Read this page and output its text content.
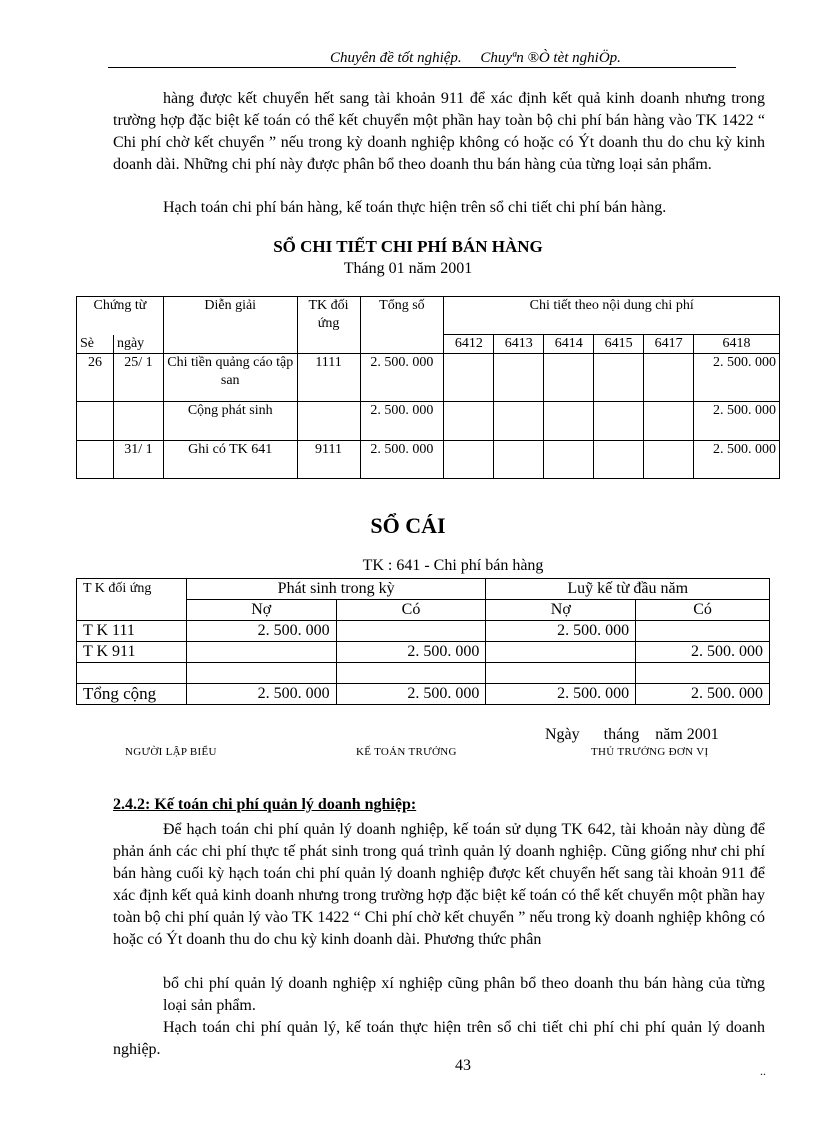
Chuyên đề tốt nghiệp.     Chuyªn ®Ò tèt nghiÖp.
hàng được kết chuyển hết sang tài khoản 911 để xác định kết quả kinh doanh nhưng trong trường hợp đặc biệt kế toán có thể kết chuyển một phần hay toàn bộ chi phí bán hàng vào TK 1422 “ Chi phí chờ kết chuyển ” nếu trong kỳ doanh nghiệp không có hoặc có Ýt doanh thu do chu kỳ kinh doanh dài. Những chi phí này được phân bổ theo doanh thu bán hàng của từng loại sản phẩm.
Hạch toán chi phí bán hàng, kế toán thực hiện trên sổ chi tiết chi phí bán hàng.
SỔ CHI TIẾT CHI PHÍ BÁN HÀNG
Tháng 01 năm 2001
Chứng từ		Diễn giải	TK đối ứng	Tổng số	Chi tiết theo nội dung chi phí					
Sè	ngày				6412	6413	6414	6415	6417	6418
26	25/ 1	Chi tiền quảng cáo tập san	1111	2. 500. 000						2. 500. 000
		Cộng phát sinh		2. 500. 000						2. 500. 000
	31/ 1	Ghi có TK 641	9111	2. 500. 000						2. 500. 000
SỔ CÁI
TK : 641 - Chi phí bán hàng
T K đối ứng	Phát sinh trong kỳ		Luỹ kế từ đầu năm	
	Nợ	Có	Nợ	Có
T K 111	2. 500. 000		2. 500. 000	
T K 911		2. 500. 000		2. 500. 000

Tổng cộng	2. 500. 000	2. 500. 000	2. 500. 000	2. 500. 000
Ngày      tháng    năm 2001
NGƯỜI LẬP BIỂU	KẾ TOÁN TRƯỞNG	THỦ TRƯỞNG ĐƠN VỊ
2.4.2: Kế toán chi phí quản lý doanh nghiệp:
Để hạch toán chi phí quản lý doanh nghiệp, kế toán sử dụng TK 642, tài khoản này dùng để phản ánh các chi phí thực tế phát sinh trong quá trình quản lý doanh nghiệp. Cũng giống như chi phí bán hàng cuối kỳ hạch toán chi phí quản lý doanh nghiệp được kết chuyển hết sang tài khoản 911 để xác định kết quả kinh doanh nhưng trong trường hợp đặc biệt kế toán có thể kết chuyển một phần hay toàn bộ chi phí quản lý vào TK 1422 “ Chi phí chờ kết chuyển ” nếu trong kỳ doanh nghiệp không có hoặc có Ýt doanh thu do chu kỳ kinh doanh dài. Phương thức phân
bổ chi phí quản lý doanh nghiệp xí nghiệp cũng phân bổ theo doanh thu bán hàng của từng loại sản phẩm.
Hạch toán chi phí quản lý, kế toán thực hiện trên sổ chi tiết chi phí chi phí quản lý doanh nghiệp.
43	..
